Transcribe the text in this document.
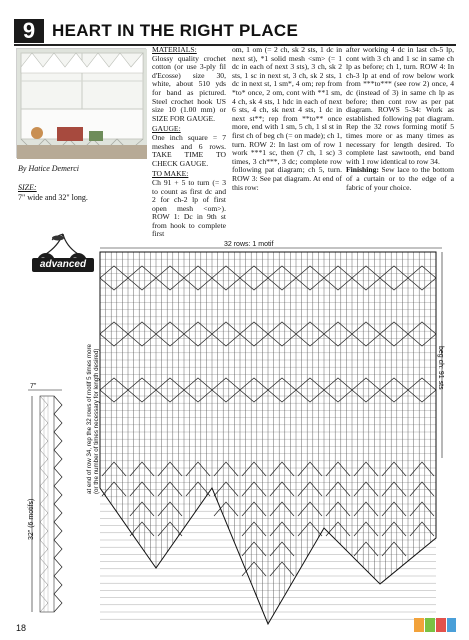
9 HEART IN THE RIGHT PLACE
By Hatice Demerci
SIZE:
7" wide and 32" long.
advanced
MATERIALS:
Glossy quality crochet cotton (or use 3-ply fil d'Ecosse) size 30, white, about 510 yds for band as pictured. Steel crochet hook US size 10 (1.00 mm) or SIZE FOR GAUGE.
GAUGE:
One inch square = 7 meshes and 6 rows. TAKE TIME TO CHECK GAUGE.
TO MAKE:
Ch 91 + 5 to turn (= 3 to count as first dc and 2 for ch-2 lp of first open mesh <om>). ROW 1: Dc in 9th st from hook to complete first
om, 1 om (= 2 ch, sk 2 sts, 1 dc in next st), *1 solid mesh <sm> (= 1 dc in each of next 3 sts), 3 ch, sk 2 sts, 1 sc in next st, 3 ch, sk 2 sts, 1 dc in next st, 1 sm*, 4 om; rep from *to* once, 2 om, cont with **1 sm, 4 ch, sk 4 sts, 1 hdc in each of next 6 sts, 4 ch, sk next 4 sts, 1 dc in next st**; rep from **to** once more, end with 1 sm, 5 ch, 1 sl st in first ch of beg ch (= on made); ch 1, turn. ROW 2: In last om of row 1 work ***1 sc, then (7 ch, 1 sc) 3 times, 3 ch***, 3 dc; complete row following pat diagram; ch 5, turn. ROW 3: See pat diagram. At end of this row:
after working 4 dc in last ch-5 lp, cont with 3 ch and 1 sc in same ch lp as before; ch 1, turn. ROW 4: In ch-3 lp at end of row below work from ***to*** (see row 2) once, 4 dc (instead of 3) in same ch lp as before; then cont row as per pat diagram. ROWS 5-34: Work as established following pat diagram. Rep the 32 rows forming motif 5 times more or as many times as necessary for length desired. To complete last sawtooth, end band with 1 row identical to row 34.
Finishing: Sew lace to the bottom of a curtain or to the edge of a fabric of your choice.
32 rows: 1 motif
beg ch: 91 sts
at end of row 34, rep the 32 rows of motif 5 times more (or the number of times necessary for length desired)
7"
32" (6 motifs)
18
